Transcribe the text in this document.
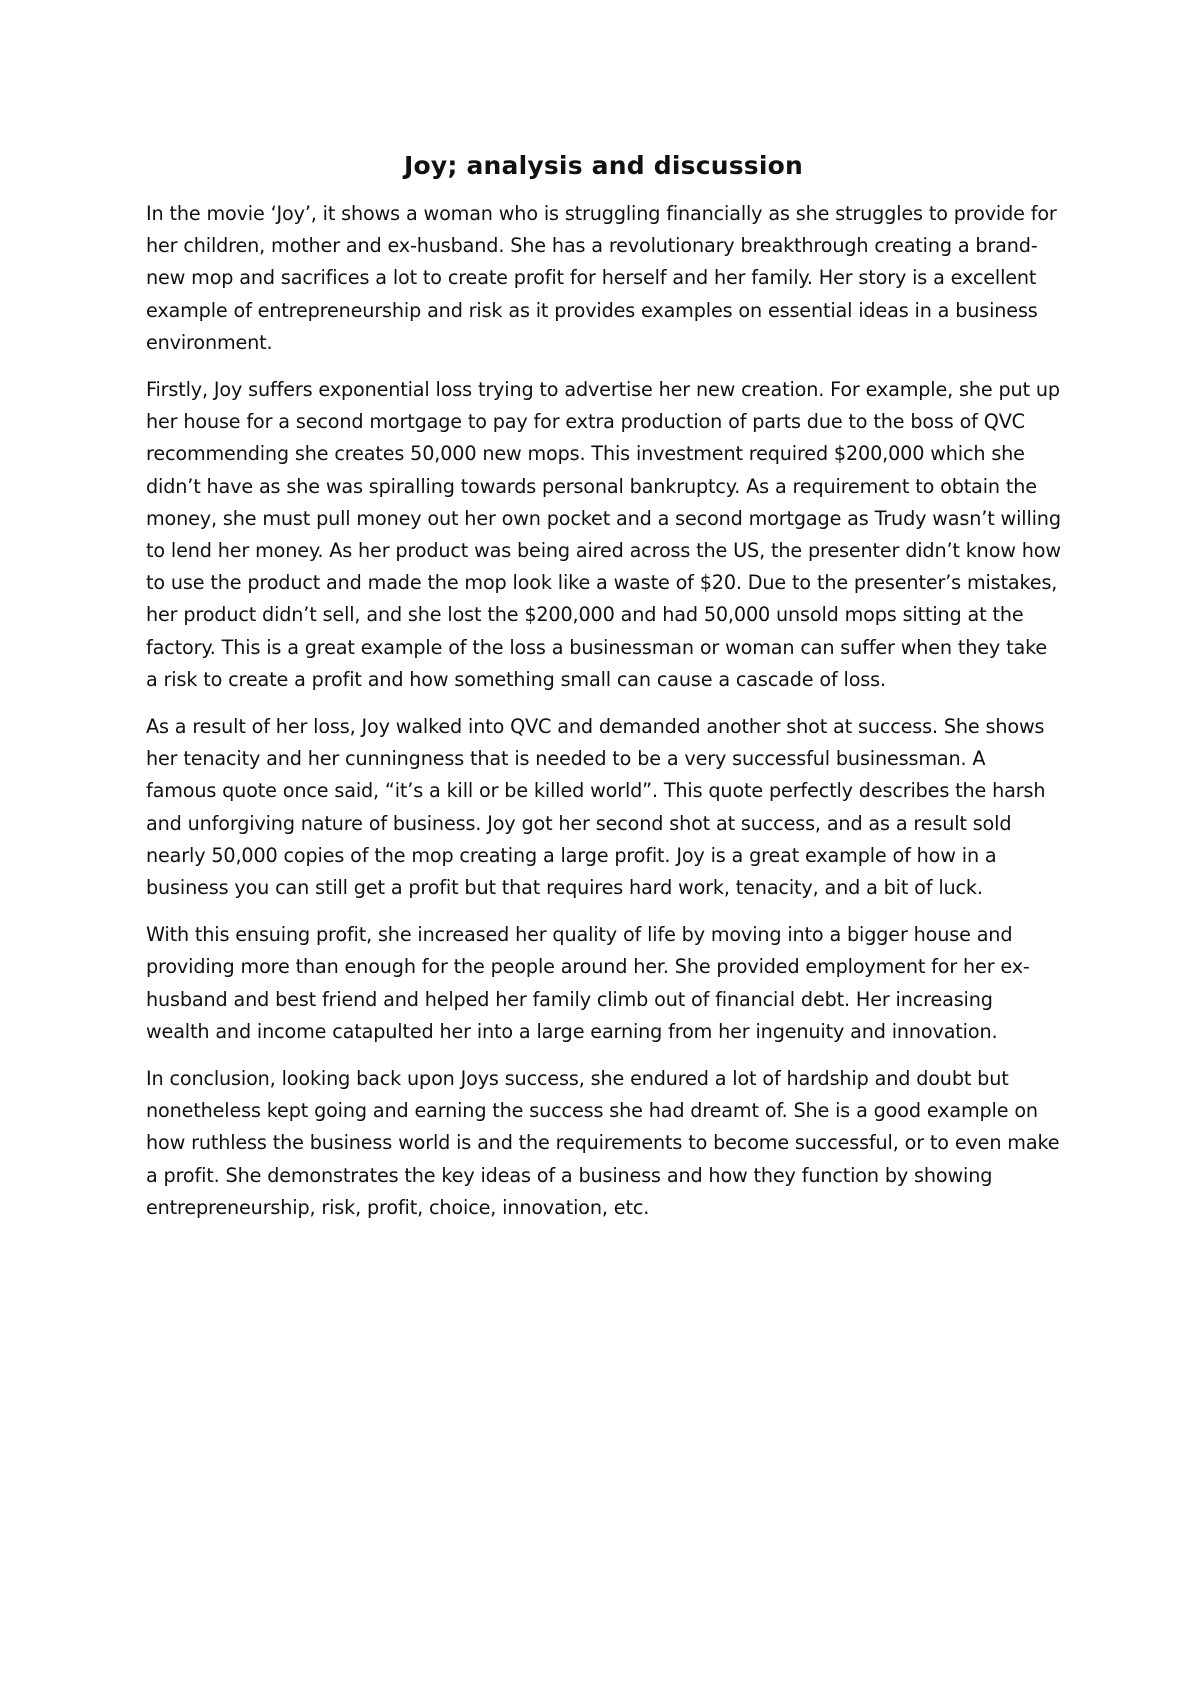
Joy; analysis and discussion

In the movie ‘Joy’, it shows a woman who is struggling financially as she struggles to provide for her children, mother and ex-husband. She has a revolutionary breakthrough creating a brand-new mop and sacrifices a lot to create profit for herself and her family. Her story is a excellent example of entrepreneurship and risk as it provides examples on essential ideas in a business environment.

Firstly, Joy suffers exponential loss trying to advertise her new creation. For example, she put up her house for a second mortgage to pay for extra production of parts due to the boss of QVC recommending she creates 50,000 new mops. This investment required $200,000 which she didn’t have as she was spiralling towards personal bankruptcy. As a requirement to obtain the money, she must pull money out her own pocket and a second mortgage as Trudy wasn’t willing to lend her money. As her product was being aired across the US, the presenter didn’t know how to use the product and made the mop look like a waste of $20. Due to the presenter’s mistakes, her product didn’t sell, and she lost the $200,000 and had 50,000 unsold mops sitting at the factory. This is a great example of the loss a businessman or woman can suffer when they take a risk to create a profit and how something small can cause a cascade of loss.

As a result of her loss, Joy walked into QVC and demanded another shot at success. She shows her tenacity and her cunningness that is needed to be a very successful businessman. A famous quote once said, “it’s a kill or be killed world”. This quote perfectly describes the harsh and unforgiving nature of business. Joy got her second shot at success, and as a result sold nearly 50,000 copies of the mop creating a large profit. Joy is a great example of how in a business you can still get a profit but that requires hard work, tenacity, and a bit of luck.

With this ensuing profit, she increased her quality of life by moving into a bigger house and providing more than enough for the people around her. She provided employment for her ex-husband and best friend and helped her family climb out of financial debt. Her increasing wealth and income catapulted her into a large earning from her ingenuity and innovation.

In conclusion, looking back upon Joys success, she endured a lot of hardship and doubt but nonetheless kept going and earning the success she had dreamt of. She is a good example on how ruthless the business world is and the requirements to become successful, or to even make a profit. She demonstrates the key ideas of a business and how they function by showing entrepreneurship, risk, profit, choice, innovation, etc.
